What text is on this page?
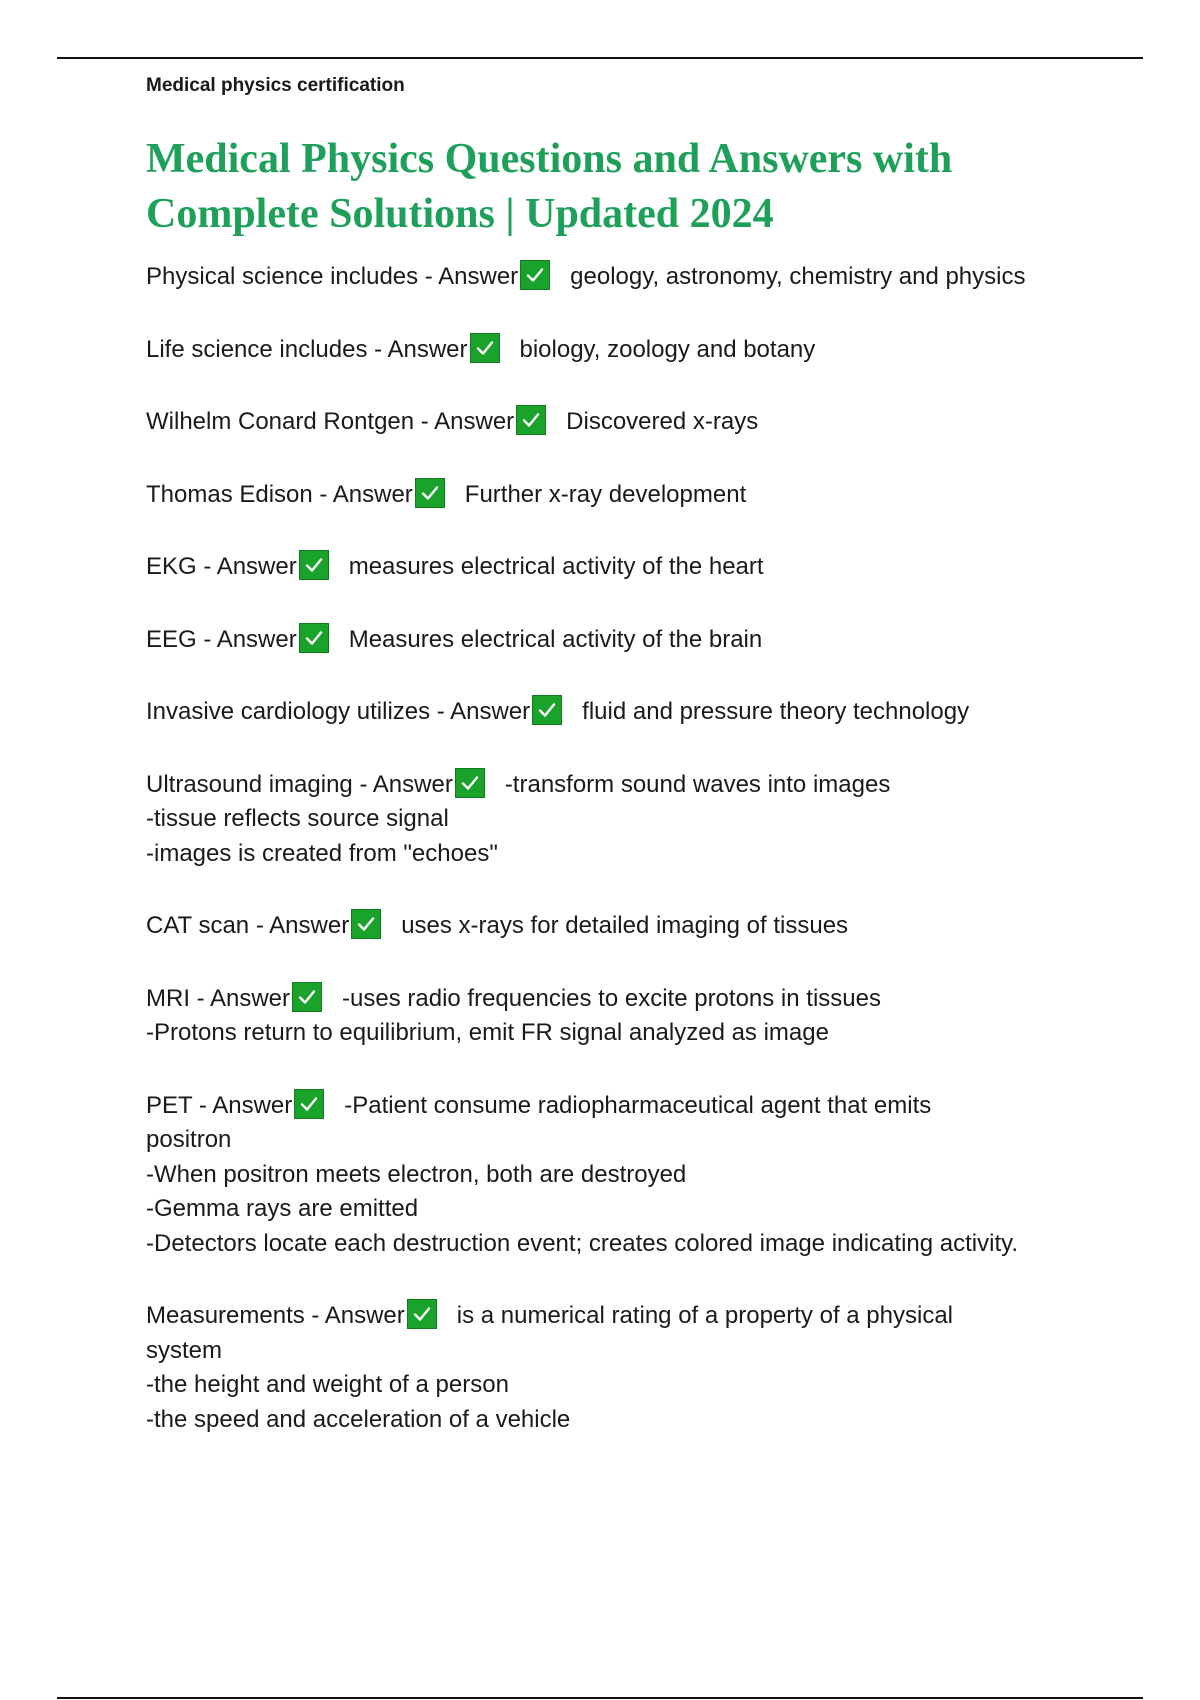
Medical physics certification
Medical Physics Questions and Answers with
Complete Solutions | Updated 2024
Physical science includes - Answer geology, astronomy, chemistry and physics
Life science includes - Answer biology, zoology and botany
Wilhelm Conard Rontgen - Answer Discovered x-rays
Thomas Edison - Answer Further x-ray development
EKG - Answer measures electrical activity of the heart
EEG - Answer Measures electrical activity of the brain
Invasive cardiology utilizes - Answer fluid and pressure theory technology
Ultrasound imaging - Answer -transform sound waves into images
-tissue reflects source signal
-images is created from "echoes"
CAT scan - Answer uses x-rays for detailed imaging of tissues
MRI - Answer -uses radio frequencies to excite protons in tissues
-Protons return to equilibrium, emit FR signal analyzed as image
PET - Answer -Patient consume radiopharmaceutical agent that emits
positron
-When positron meets electron, both are destroyed
-Gemma rays are emitted
-Detectors locate each destruction event; creates colored image indicating activity.
Measurements - Answer is a numerical rating of a property of a physical
system
-the height and weight of a person
-the speed and acceleration of a vehicle
